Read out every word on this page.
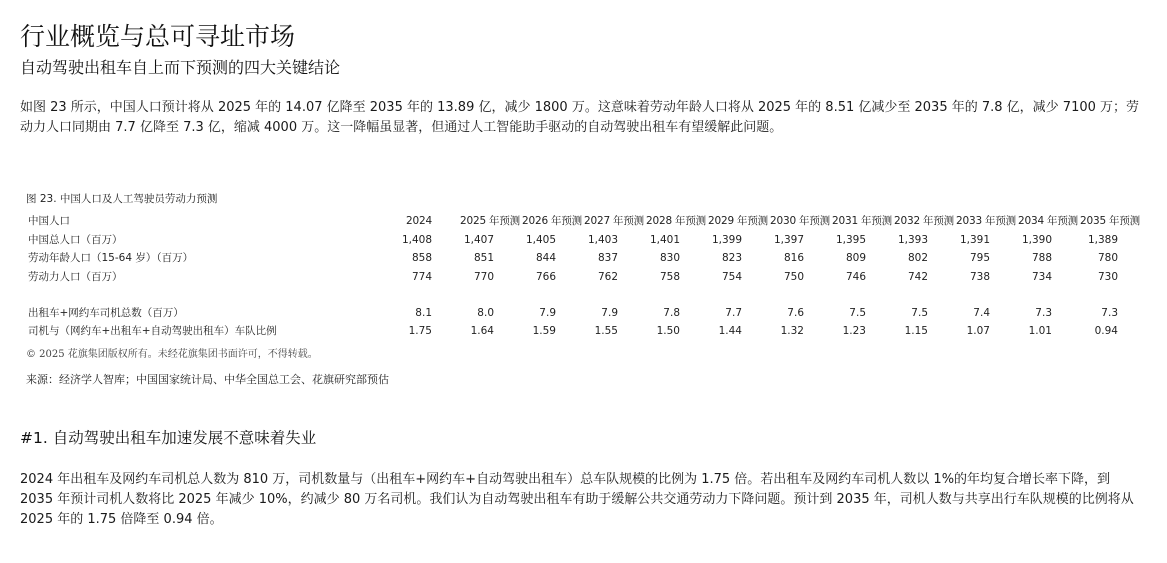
行业概览与总可寻址市场
自动驾驶出租车自上而下预测的四大关键结论
如图 23 所示，中国人口预计将从 2025 年的 14.07 亿降至 2035 年的 13.89 亿，减少 1800 万。这意味着劳动年龄人口将从 2025 年的 8.51 亿减少至 2035 年的 7.8 亿，减少 7100 万；劳动力人口同期由 7.7 亿降至 7.3 亿，缩减 4000 万。这一降幅虽显著，但通过人工智能助手驱动的自动驾驶出租车有望缓解此问题。
图 23. 中国人口及人工驾驶员劳动力预测
中国人口	2024	2025 年预测 2026 年预测 2027 年预测 2028 年预测 2029 年预测 2030 年预测 2031 年预测 2032 年预测 2033 年预测 2034 年预测 2035 年预测
中国总人口（百万）	1,408	1,407	1,405	1,403	1,401	1,399	1,397	1,395	1,393	1,391	1,390	1,389
劳动年龄人口（15-64 岁）（百万）	858	851	844	837	830	823	816	809	802	795	788	780
劳动力人口（百万）	774	770	766	762	758	754	750	746	742	738	734	730
出租车+网约车司机总数（百万）	8.1	8.0	7.9	7.9	7.8	7.7	7.6	7.5	7.5	7.4	7.3	7.3
司机与（网约车+出租车+自动驾驶出租车）车队比例	1.75	1.64	1.59	1.55	1.50	1.44	1.32	1.23	1.15	1.07	1.01	0.94
© 2025 花旗集团版权所有。未经花旗集团书面许可，不得转载。
来源：经济学人智库；中国国家统计局、中华全国总工会、花旗研究部预估
#1. 自动驾驶出租车加速发展不意味着失业
2024 年出租车及网约车司机总人数为 810 万，司机数量与（出租车+网约车+自动驾驶出租车）总车队规模的比例为 1.75 倍。若出租车及网约车司机人数以 1%的年均复合增长率下降，到 2035 年预计司机人数将比 2025 年减少 10%，约减少 80 万名司机。我们认为自动驾驶出租车有助于缓解公共交通劳动力下降问题。预计到 2035 年，司机人数与共享出行车队规模的比例将从 2025 年的 1.75 倍降至 0.94 倍。
